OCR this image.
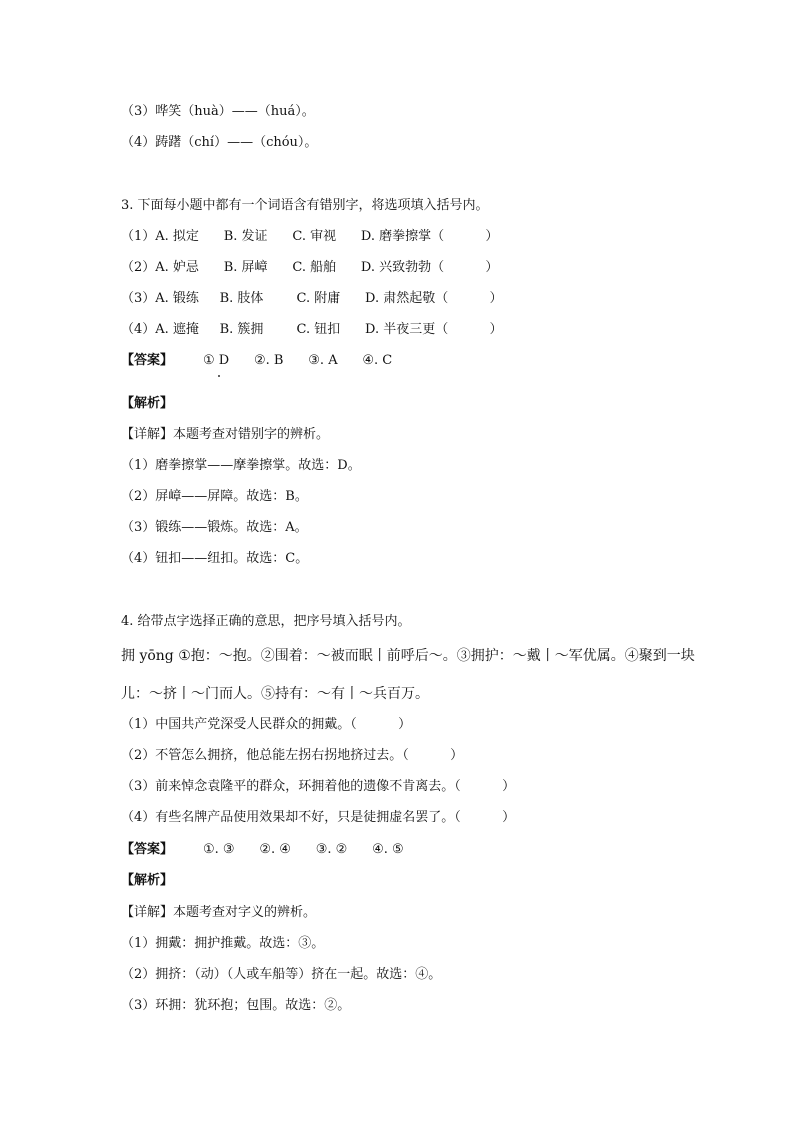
（3）哗笑（huà）——（huá）。
（4）踌躇（chí）——（chóu）。
3. 下面每小题中都有一个词语含有错别字，将选项填入括号内。
（1）A. 拟定      B. 发证      C. 审视      D. 磨拳擦掌（          ）
（2）A. 妒忌      B. 屏嶂      C. 船舶      D. 兴致勃勃（          ）
（3）A. 锻练     B. 肢体        C. 附庸      D. 肃然起敬（          ）
（4）A. 遮掩     B. 簇拥        C. 钮扣      D. 半夜三更（          ）
【答案】 ① D      ②. B      ③. A      ④. C
【解析】
【详解】本题考查对错别字的辨析。
（1）磨拳擦掌——摩拳擦掌。故选：D。
（2）屏嶂——屏障。故选：B。
（3）锻练——锻炼。故选：A。
（4）钮扣——纽扣。故选：C。
4. 给带点字选择正确的意思，把序号填入括号内。
拥 yōng ①抱：～抱。②围着：～被而眠丨前呼后～。③拥护：～戴丨～军优属。④聚到一块
儿：～挤丨～门而人。⑤持有：～有丨～兵百万。
（1）中国共产党深受人民群众的拥戴。（          ）
（2）不管怎么拥挤，他总能左拐右拐地挤过去。（          ）
（3）前来悼念袁隆平的群众，环拥着他的遗像不肯离去。（          ）
（4）有些名牌产品使用效果却不好，只是徒拥虚名罢了。（          ）
【答案】 ①. ③      ②. ④      ③. ②      ④. ⑤
【解析】
【详解】本题考查对字义的辨析。
（1）拥戴：拥护推戴。故选：③。
（2）拥挤：（动）（人或车船等）挤在一起。故选：④。
（3）环拥：犹环抱；包围。故选：②。
